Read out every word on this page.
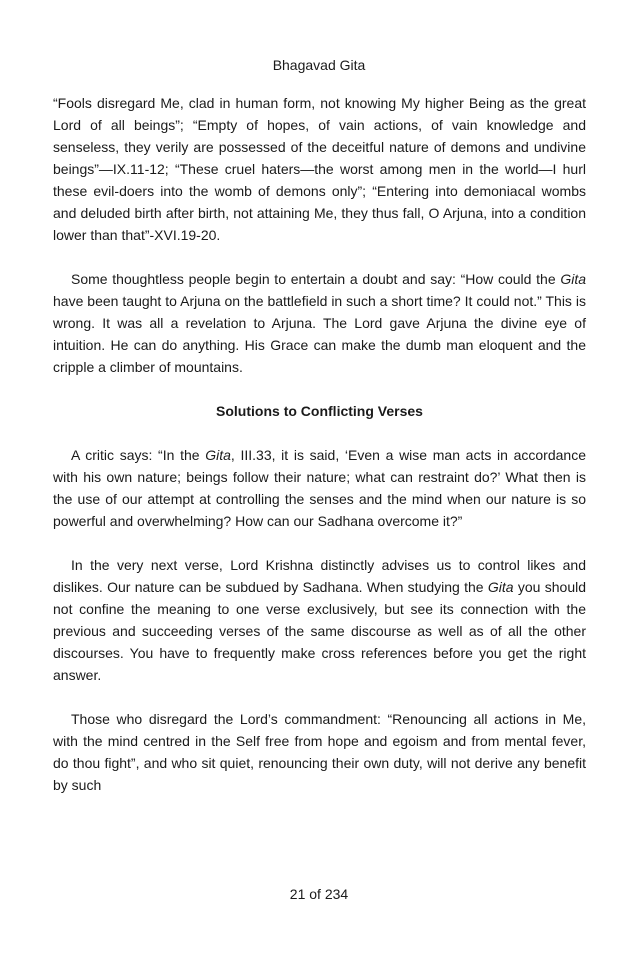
Bhagavad Gita

“Fools disregard Me, clad in human form, not knowing My higher Being as the great Lord of all beings”; “Empty of hopes, of vain actions, of vain knowledge and senseless, they verily are possessed of the deceitful nature of demons and undivine beings”—IX.11-12; “These cruel haters—the worst among men in the world—I hurl these evil-doers into the womb of demons only”; “Entering into demoniacal wombs and deluded birth after birth, not attaining Me, they thus fall, O Arjuna, into a condition lower than that”-XVI.19-20.

Some thoughtless people begin to entertain a doubt and say: “How could the Gita have been taught to Arjuna on the battlefield in such a short time? It could not.” This is wrong. It was all a revelation to Arjuna. The Lord gave Arjuna the divine eye of intuition. He can do anything. His Grace can make the dumb man eloquent and the cripple a climber of mountains.

Solutions to Conflicting Verses

A critic says: “In the Gita, III.33, it is said, ‘Even a wise man acts in accordance with his own nature; beings follow their nature; what can restraint do?’ What then is the use of our attempt at controlling the senses and the mind when our nature is so powerful and overwhelming? How can our Sadhana overcome it?”

In the very next verse, Lord Krishna distinctly advises us to control likes and dislikes. Our nature can be subdued by Sadhana. When studying the Gita you should not confine the meaning to one verse exclusively, but see its connection with the previous and succeeding verses of the same discourse as well as of all the other discourses. You have to frequently make cross references before you get the right answer.

Those who disregard the Lord’s commandment: “Renouncing all actions in Me, with the mind centred in the Self free from hope and egoism and from mental fever, do thou fight”, and who sit quiet, renouncing their own duty, will not derive any benefit by such

21 of 234
